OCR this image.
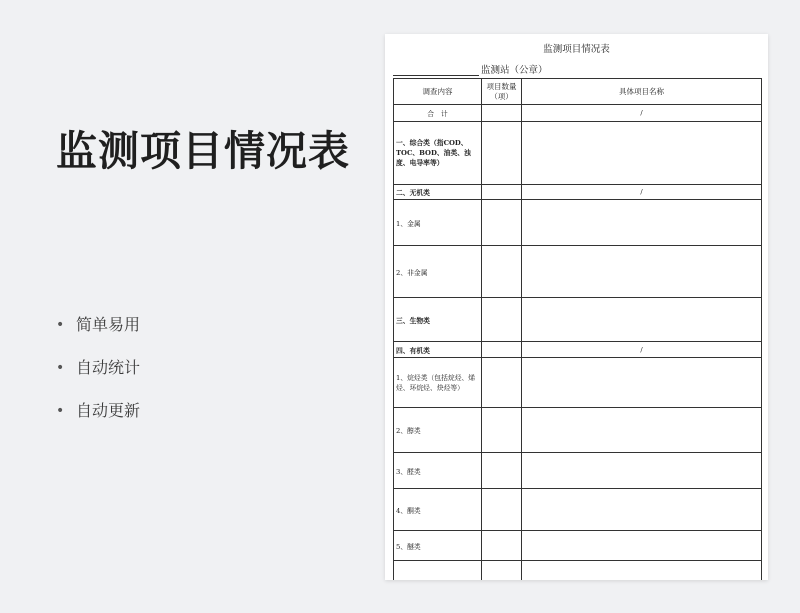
监测项目情况表
• 简单易用
• 自动统计
• 自动更新
监测项目情况表
监测站（公章）
调查内容	项目数量（项）	具体项目名称
合　计		/
一、综合类（指COD、TOC、BOD、油类、浊度、电导率等）		
二、无机类		/
1、金属		
2、非金属		
三、生物类		
四、有机类		/
1、烷烃类（包括烷烃、烯烃、环烷烃、炔烃等）		
2、醇类		
3、醛类		
4、酮类		
5、醚类		
